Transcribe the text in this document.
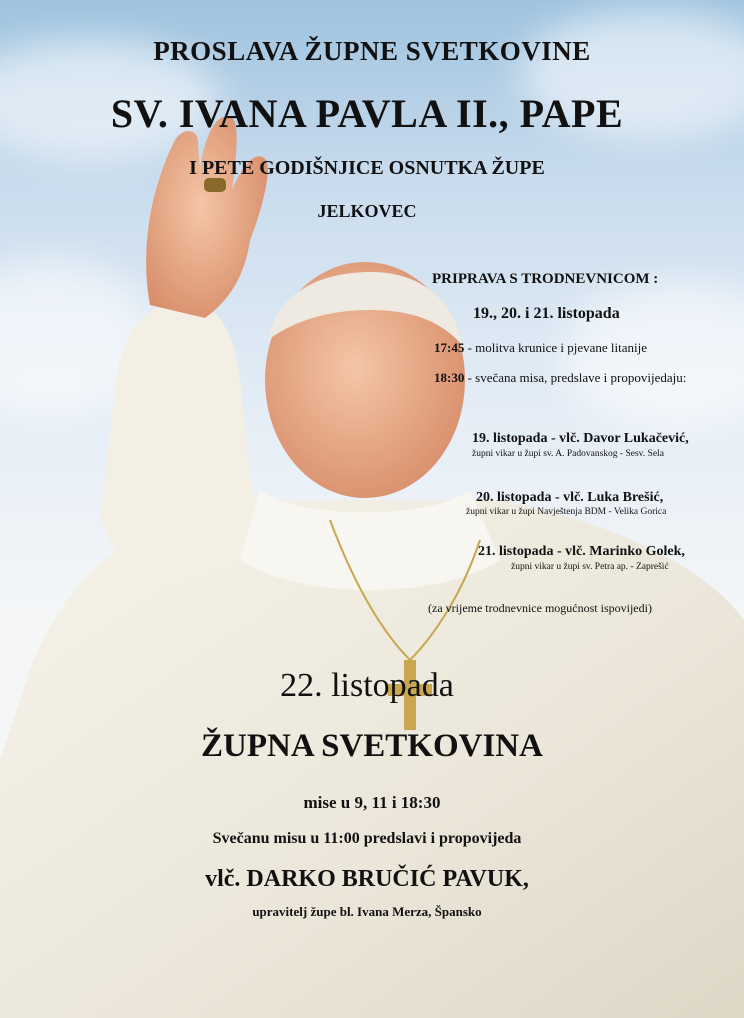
PROSLAVA ŽUPNE SVETKOVINE
SV. IVANA PAVLA II., PAPE
I PETE GODIŠNJICE OSNUTKA ŽUPE
JELKOVEC
PRIPRAVA S TRODNEVNICOM :
19., 20. i 21. listopada
17:45 - molitva krunice i pjevane litanije
18:30 - svečana misa, predslave i propovijedaju:
19. listopada - vlč. Davor Lukačević,
župni vikar u župi sv. A. Padovanskog - Sesv. Sela
20. listopada - vlč. Luka Brešić,
župni vikar u župi Navještenja BDM - Velika Gorica
21. listopada - vlč. Marinko Golek,
župni vikar u župi sv. Petra ap. - Zaprešić
(za vrijeme trodnevnice mogućnost ispovijedi)
22. listopada
ŽUPNA SVETKOVINA
mise u 9, 11 i 18:30
Svečanu misu u 11:00 predslavi i propovijeda
vlč. DARKO BRUČIĆ PAVUK,
upravitelj župe bl. Ivana Merza, Špansko
